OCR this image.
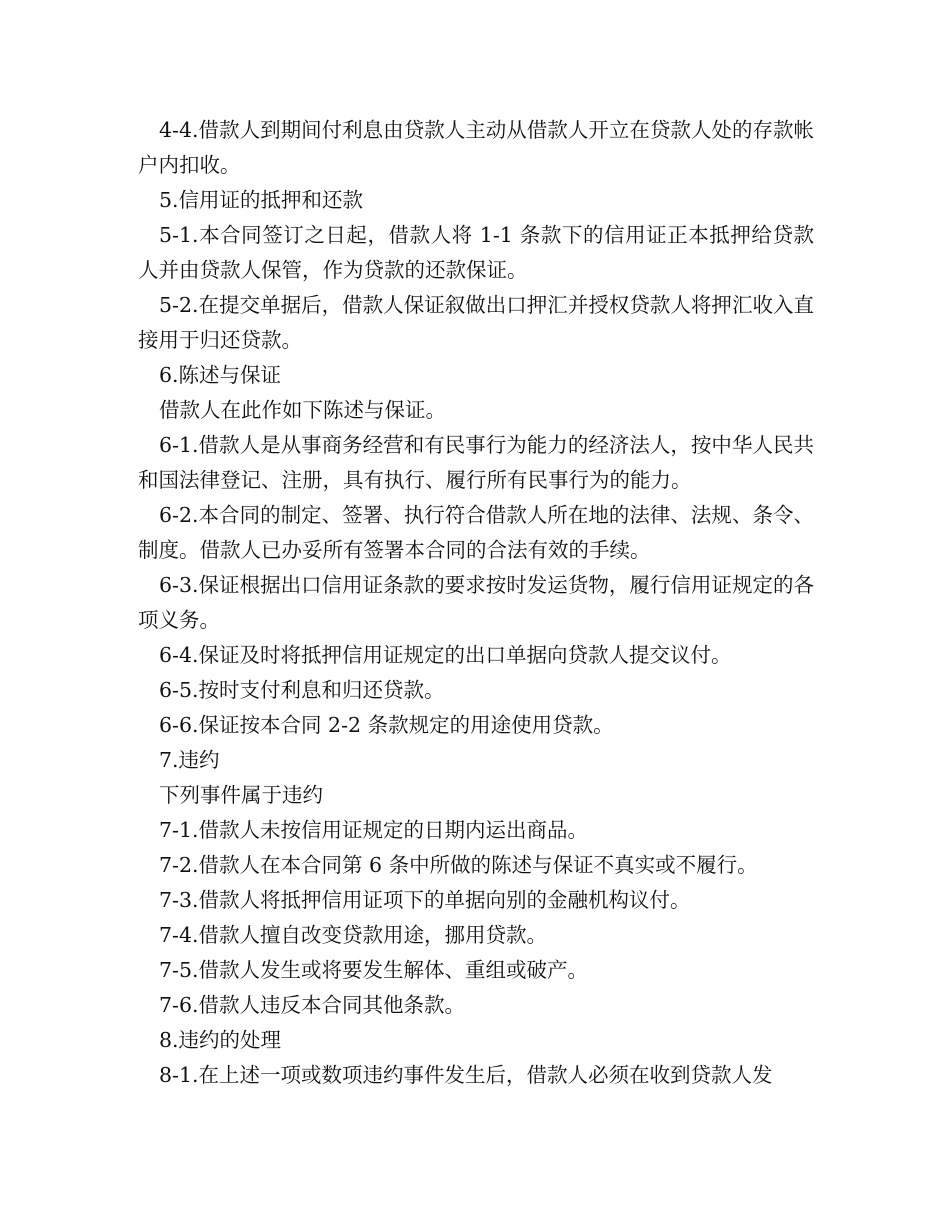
4-4.借款人到期间付利息由贷款人主动从借款人开立在贷款人处的存款帐户内扣收。

5.信用证的抵押和还款

5-1.本合同签订之日起，借款人将 1-1 条款下的信用证正本抵押给贷款人并由贷款人保管，作为贷款的还款保证。

5-2.在提交单据后，借款人保证叙做出口押汇并授权贷款人将押汇收入直接用于归还贷款。

6.陈述与保证

借款人在此作如下陈述与保证。

6-1.借款人是从事商务经营和有民事行为能力的经济法人，按中华人民共和国法律登记、注册，具有执行、履行所有民事行为的能力。

6-2.本合同的制定、签署、执行符合借款人所在地的法律、法规、条令、制度。借款人已办妥所有签署本合同的合法有效的手续。

6-3.保证根据出口信用证条款的要求按时发运货物，履行信用证规定的各项义务。

6-4.保证及时将抵押信用证规定的出口单据向贷款人提交议付。

6-5.按时支付利息和归还贷款。

6-6.保证按本合同 2-2 条款规定的用途使用贷款。

7.违约

下列事件属于违约

7-1.借款人未按信用证规定的日期内运出商品。

7-2.借款人在本合同第 6 条中所做的陈述与保证不真实或不履行。

7-3.借款人将抵押信用证项下的单据向别的金融机构议付。

7-4.借款人擅自改变贷款用途，挪用贷款。

7-5.借款人发生或将要发生解体、重组或破产。

7-6.借款人违反本合同其他条款。

8.违约的处理

8-1.在上述一项或数项违约事件发生后，借款人必须在收到贷款人发
